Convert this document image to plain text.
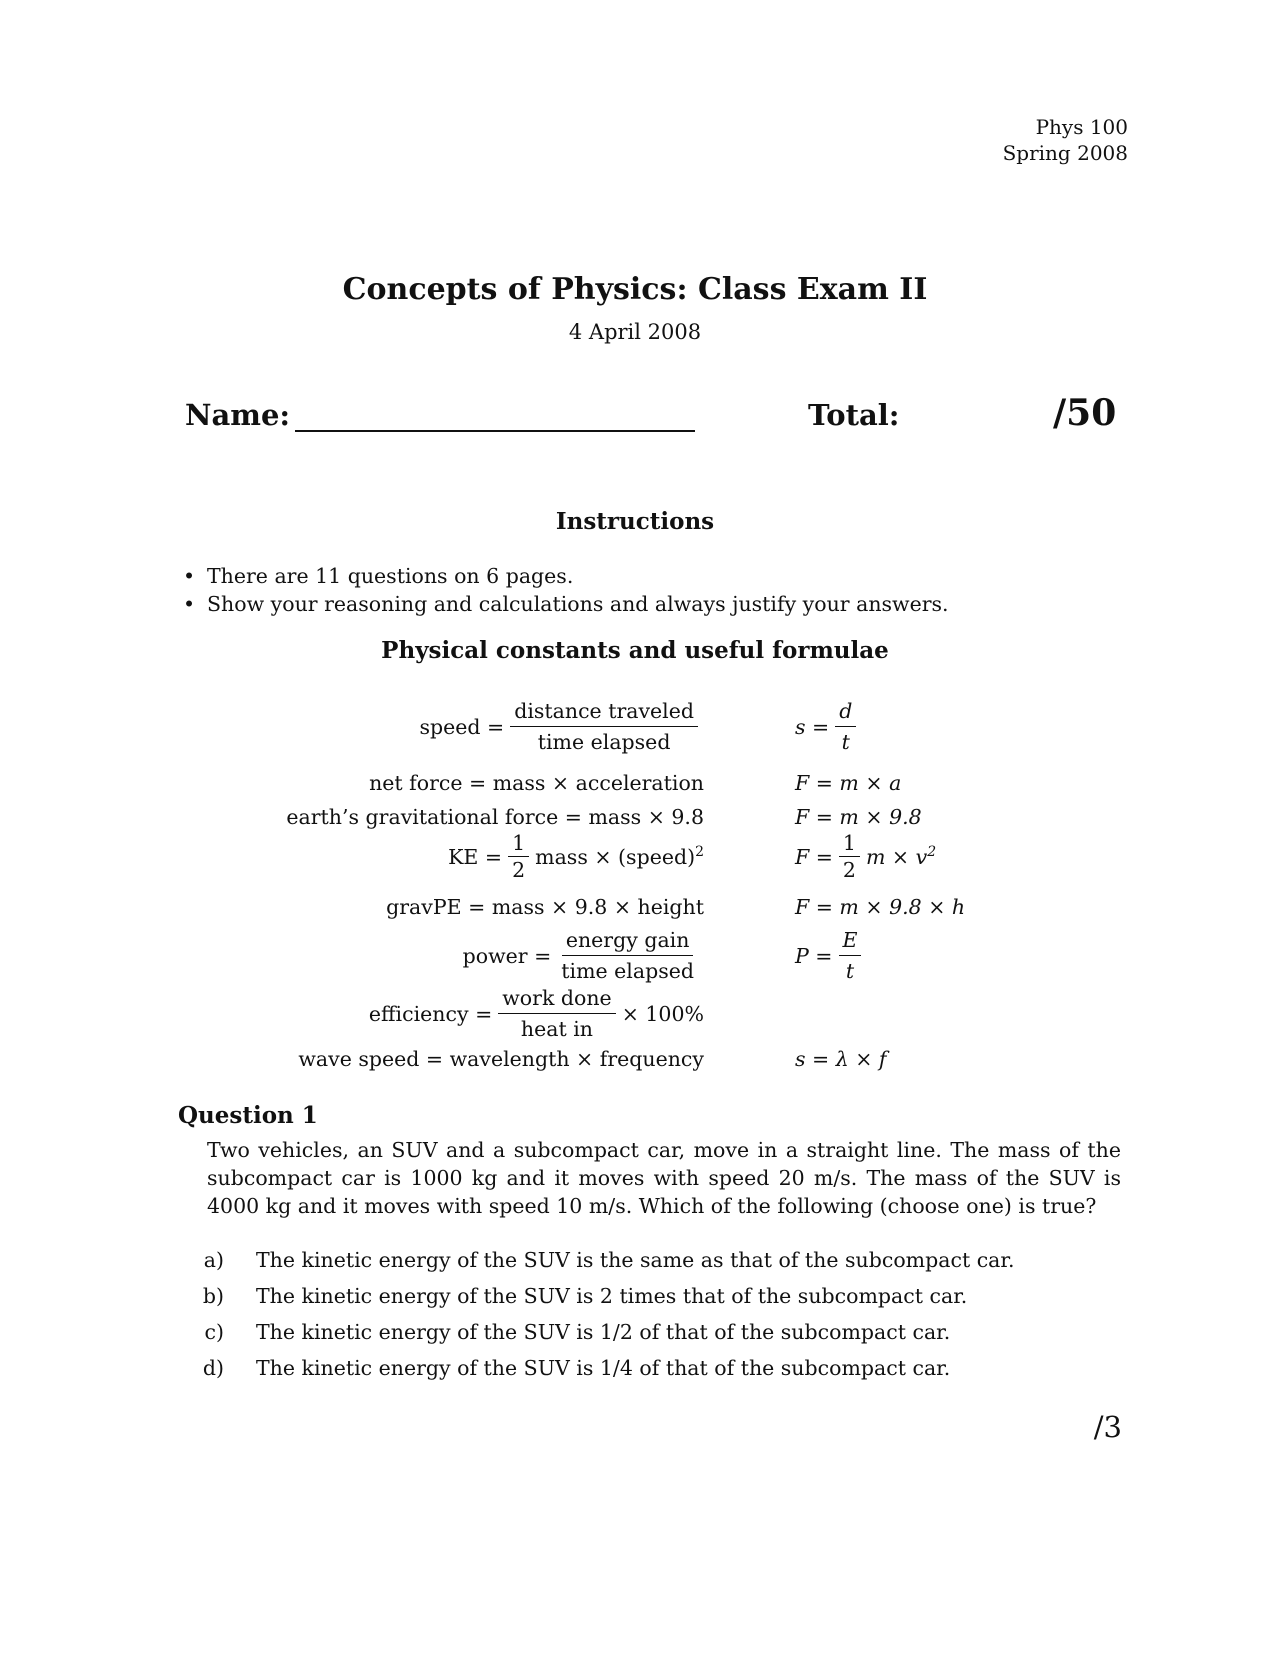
Phys 100
Spring 2008
Concepts of Physics: Class Exam II
4 April 2008
Name:	Total:	/50
Instructions
• There are 11 questions on 6 pages.
• Show your reasoning and calculations and always justify your answers.
Physical constants and useful formulae
speed = $\frac{\text{distance traveled}}{\text{time elapsed}}$	$s = \frac{d}{t}$
net force = mass × acceleration	F = m × a
earth’s gravitational force = mass × 9.8	F = m × 9.8
KE = $\frac{1}{2}$ mass × (speed)$^2$	$F = \frac{1}{2}$ $m \times v^2$
gravPE = mass × 9.8 × height	F = m × 9.8 × h
power = $\frac{\text{energy gain}}{\text{time elapsed}}$	$P = \frac{E}{t}$
efficiency = $\frac{\text{work done}}{\text{heat in}} \times 100\%$
wave speed = wavelength × frequency	s = λ × f
Question 1
Two vehicles, an SUV and a subcompact car, move in a straight line. The mass of the subcompact car is 1000 kg and it moves with speed 20 m/s. The mass of the SUV is 4000 kg and it moves with speed 10 m/s. Which of the following (choose one) is true?
a) The kinetic energy of the SUV is the same as that of the subcompact car.
b) The kinetic energy of the SUV is 2 times that of the subcompact car.
c) The kinetic energy of the SUV is 1/2 of that of the subcompact car.
d) The kinetic energy of the SUV is 1/4 of that of the subcompact car.
/3
